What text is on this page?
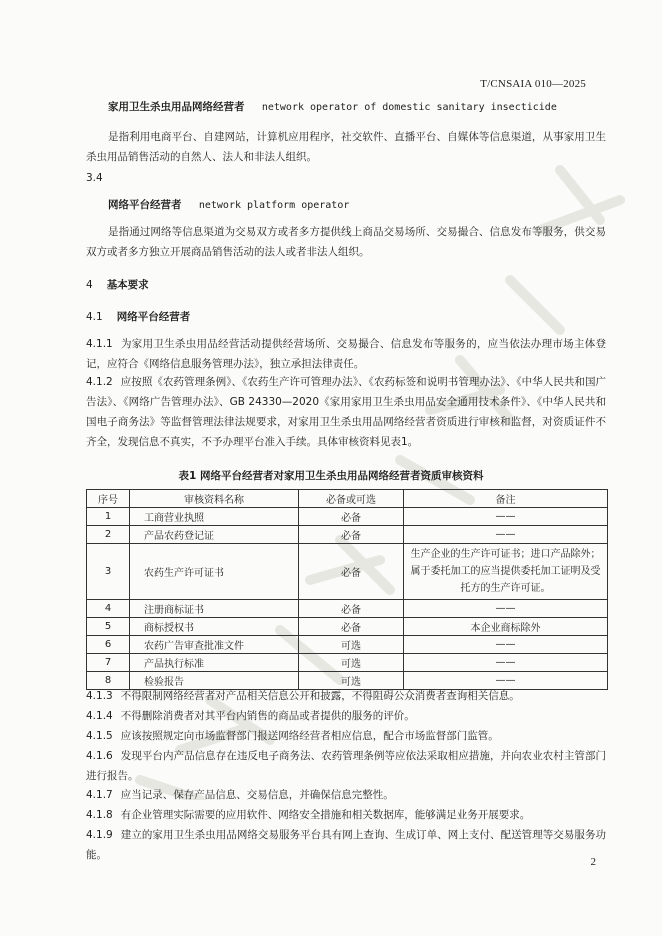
T/CNSAIA 010—2025
家用卫生杀虫用品网络经营者 network operator of domestic sanitary insecticide
是指利用电商平台、自建网站，计算机应用程序，社交软件、直播平台、自媒体等信息渠道，从事家用卫生杀虫用品销售活动的自然人、法人和非法人组织。
3.4
网络平台经营者 network platform operator
是指通过网络等信息渠道为交易双方或者多方提供线上商品交易场所、交易撮合、信息发布等服务，供交易双方或者多方独立开展商品销售活动的法人或者非法人组织。
4 基本要求
4.1 网络平台经营者
4.1.1 为家用卫生杀虫用品经营活动提供经营场所、交易撮合、信息发布等服务的，应当依法办理市场主体登记，应符合《网络信息服务管理办法》，独立承担法律责任。
4.1.2 应按照《农药管理条例》、《农药生产许可管理办法》、《农药标签和说明书管理办法》、《中华人民共和国广告法》、《网络广告管理办法》、GB 24330—2020《家用家用卫生杀虫用品安全通用技术条件》、《中华人民共和国电子商务法》等监督管理法律法规要求，对家用卫生杀虫用品网络经营者资质进行审核和监督，对资质证件不齐全，发现信息不真实，不予办理平台准入手续。具体审核资料见表1。
表1 网络平台经营者对家用卫生杀虫用品网络经营者资质审核资料
序号	审核资料名称	必备或可选	备注
1	工商营业执照	必备	——
2	产品农药登记证	必备	——
3	农药生产许可证书	必备	生产企业的生产许可证书；进口产品除外；属于委托加工的应当提供委托加工证明及受托方的生产许可证。
4	注册商标证书	必备	——
5	商标授权书	必备	本企业商标除外
6	农药广告审查批准文件	可选	——
7	产品执行标准	可选	——
8	检验报告	可选	——
4.1.3 不得限制网络经营者对产品相关信息公开和披露，不得阻碍公众消费者查询相关信息。
4.1.4 不得删除消费者对其平台内销售的商品或者提供的服务的评价。
4.1.5 应该按照规定向市场监督部门报送网络经营者相应信息，配合市场监督部门监管。
4.1.6 发现平台内产品信息存在违反电子商务法、农药管理条例等应依法采取相应措施，并向农业农村主管部门进行报告。
4.1.7 应当记录、保存产品信息、交易信息，并确保信息完整性。
4.1.8 有企业管理实际需要的应用软件、网络安全措施和相关数据库，能够满足业务开展要求。
4.1.9 建立的家用卫生杀虫用品网络交易服务平台具有网上查询、生成订单、网上支付、配送管理等交易服务功能。
2
